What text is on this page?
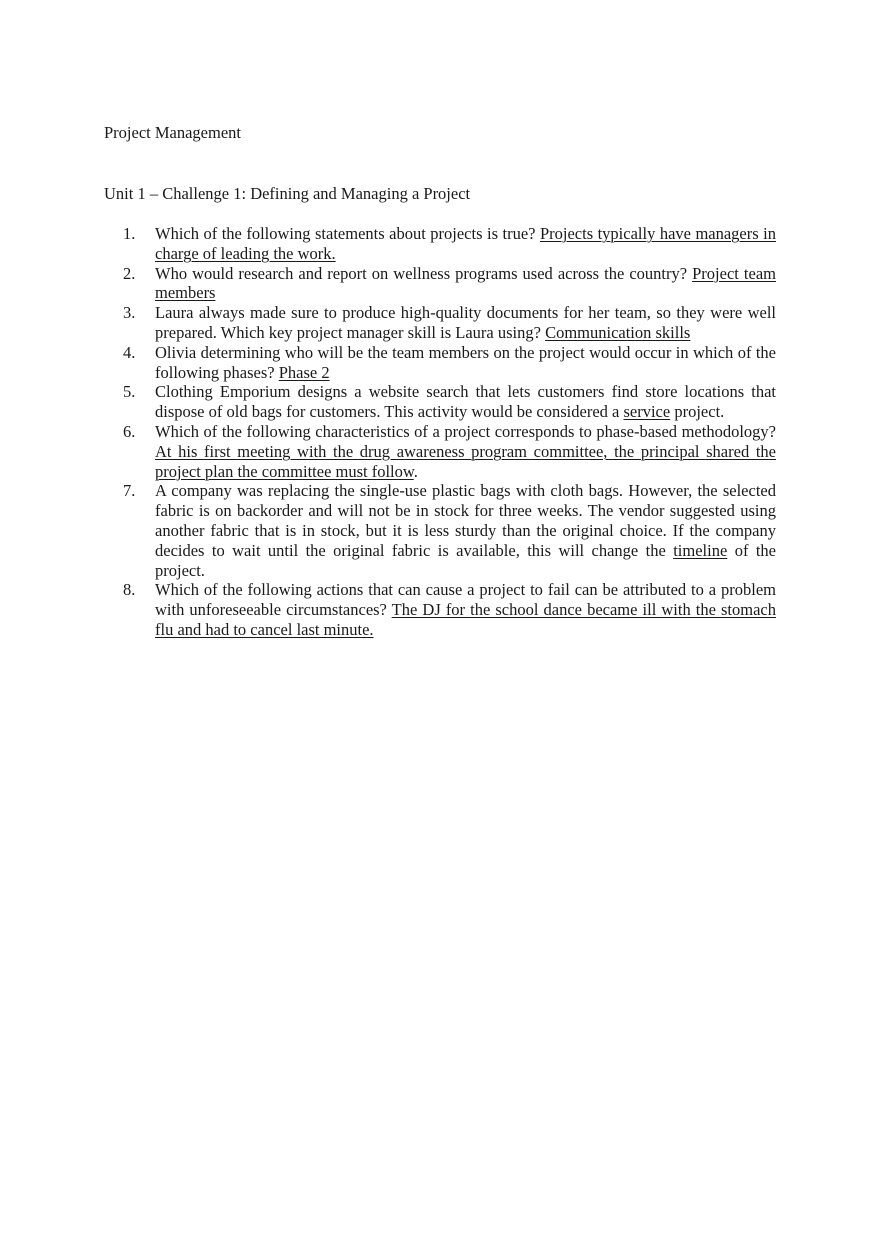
Project Management

Unit 1 – Challenge 1: Defining and Managing a Project

1.	Which of the following statements about projects is true? Projects typically have managers in charge of leading the work.
2.	Who would research and report on wellness programs used across the country? Project team members
3.	Laura always made sure to produce high-quality documents for her team, so they were well prepared. Which key project manager skill is Laura using? Communication skills
4.	Olivia determining who will be the team members on the project would occur in which of the following phases? Phase 2
5.	Clothing Emporium designs a website search that lets customers find store locations that dispose of old bags for customers. This activity would be considered a service project.
6.	Which of the following characteristics of a project corresponds to phase-based methodology? At his first meeting with the drug awareness program committee, the principal shared the project plan the committee must follow.
7.	A company was replacing the single-use plastic bags with cloth bags. However, the selected fabric is on backorder and will not be in stock for three weeks. The vendor suggested using another fabric that is in stock, but it is less sturdy than the original choice. If the company decides to wait until the original fabric is available, this will change the timeline of the project.
8.	Which of the following actions that can cause a project to fail can be attributed to a problem with unforeseeable circumstances? The DJ for the school dance became ill with the stomach flu and had to cancel last minute.
